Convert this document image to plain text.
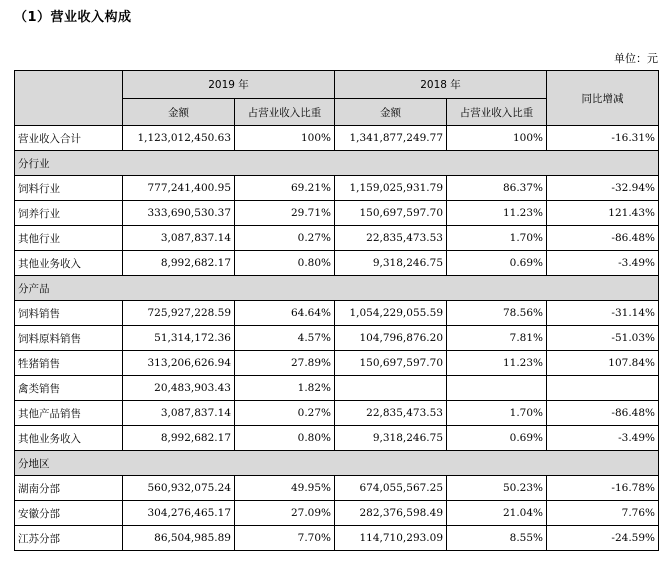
（1）营业收入构成
单位：元
	2019 年		2018 年		同比增减
	金额	占营业收入比重	金额	占营业收入比重	
营业收入合计	1,123,012,450.63	100%	1,341,877,249.77	100%	-16.31%
分行业					
饲料行业	777,241,400.95	69.21%	1,159,025,931.79	86.37%	-32.94%
饲养行业	333,690,530.37	29.71%	150,697,597.70	11.23%	121.43%
其他行业	3,087,837.14	0.27%	22,835,473.53	1.70%	-86.48%
其他业务收入	8,992,682.17	0.80%	9,318,246.75	0.69%	-3.49%
分产品					
饲料销售	725,927,228.59	64.64%	1,054,229,055.59	78.56%	-31.14%
饲料原料销售	51,314,172.36	4.57%	104,796,876.20	7.81%	-51.03%
牲猪销售	313,206,626.94	27.89%	150,697,597.70	11.23%	107.84%
禽类销售	20,483,903.43	1.82%			
其他产品销售	3,087,837.14	0.27%	22,835,473.53	1.70%	-86.48%
其他业务收入	8,992,682.17	0.80%	9,318,246.75	0.69%	-3.49%
分地区					
湖南分部	560,932,075.24	49.95%	674,055,567.25	50.23%	-16.78%
安徽分部	304,276,465.17	27.09%	282,376,598.49	21.04%	7.76%
江苏分部	86,504,985.89	7.70%	114,710,293.09	8.55%	-24.59%
